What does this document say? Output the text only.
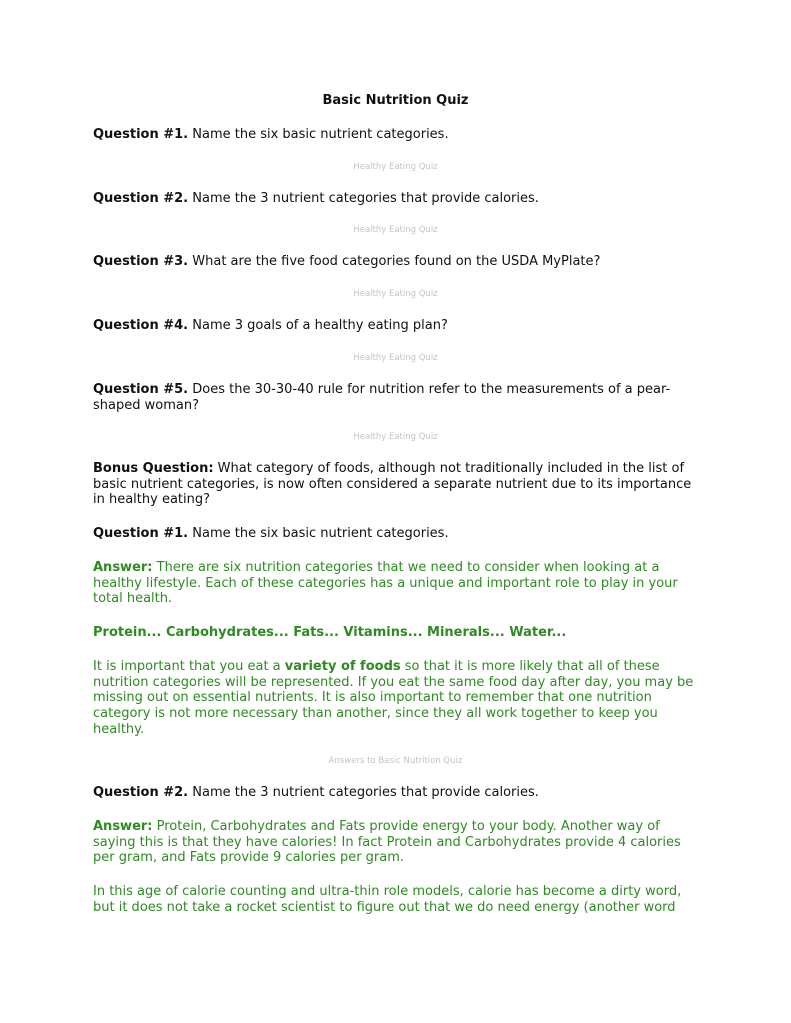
Basic Nutrition Quiz

Question #1. Name the six basic nutrient categories.

Healthy Eating Quiz

Question #2. Name the 3 nutrient categories that provide calories.

Healthy Eating Quiz

Question #3. What are the five food categories found on the USDA MyPlate?

Healthy Eating Quiz

Question #4. Name 3 goals of a healthy eating plan?

Healthy Eating Quiz

Question #5. Does the 30-30-40 rule for nutrition refer to the measurements of a pear-shaped woman?

Healthy Eating Quiz

Bonus Question: What category of foods, although not traditionally included in the list of basic nutrient categories, is now often considered a separate nutrient due to its importance in healthy eating?

Question #1. Name the six basic nutrient categories.

Answer: There are six nutrition categories that we need to consider when looking at a healthy lifestyle. Each of these categories has a unique and important role to play in your total health.

Protein... Carbohydrates... Fats... Vitamins... Minerals... Water...

It is important that you eat a variety of foods so that it is more likely that all of these nutrition categories will be represented. If you eat the same food day after day, you may be missing out on essential nutrients. It is also important to remember that one nutrition category is not more necessary than another, since they all work together to keep you healthy.

Answers to Basic Nutrition Quiz

Question #2. Name the 3 nutrient categories that provide calories.

Answer: Protein, Carbohydrates and Fats provide energy to your body. Another way of saying this is that they have calories! In fact Protein and Carbohydrates provide 4 calories per gram, and Fats provide 9 calories per gram.

In this age of calorie counting and ultra-thin role models, calorie has become a dirty word, but it does not take a rocket scientist to figure out that we do need energy (another word
